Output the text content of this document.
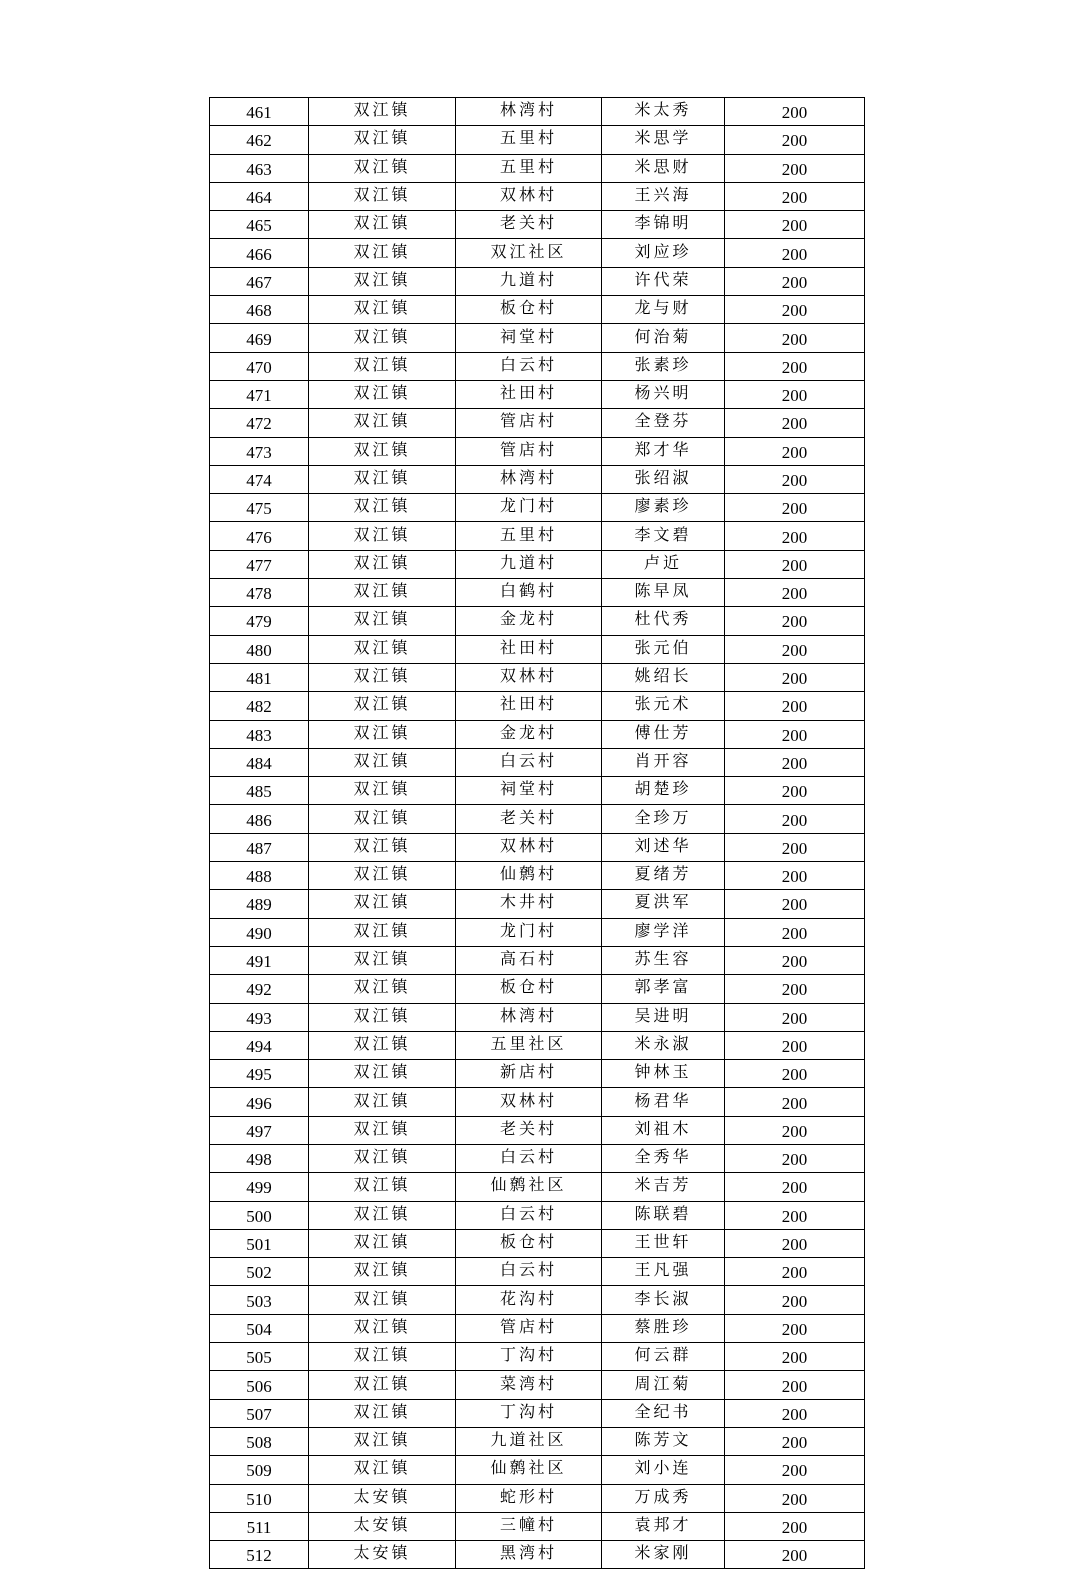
461	双江镇	林湾村	米太秀	200
462	双江镇	五里村	米思学	200
463	双江镇	五里村	米思财	200
464	双江镇	双林村	王兴海	200
465	双江镇	老关村	李锦明	200
466	双江镇	双江社区	刘应珍	200
467	双江镇	九道村	许代荣	200
468	双江镇	板仓村	龙与财	200
469	双江镇	祠堂村	何治菊	200
470	双江镇	白云村	张素珍	200
471	双江镇	社田村	杨兴明	200
472	双江镇	管店村	全登芬	200
473	双江镇	管店村	郑才华	200
474	双江镇	林湾村	张绍淑	200
475	双江镇	龙门村	廖素珍	200
476	双江镇	五里村	李文碧	200
477	双江镇	九道村	卢近	200
478	双江镇	白鹤村	陈早凤	200
479	双江镇	金龙村	杜代秀	200
480	双江镇	社田村	张元伯	200
481	双江镇	双林村	姚绍长	200
482	双江镇	社田村	张元术	200
483	双江镇	金龙村	傅仕芳	200
484	双江镇	白云村	肖开容	200
485	双江镇	祠堂村	胡楚珍	200
486	双江镇	老关村	全珍万	200
487	双江镇	双林村	刘述华	200
488	双江镇	仙鹩村	夏绪芳	200
489	双江镇	木井村	夏洪军	200
490	双江镇	龙门村	廖学洋	200
491	双江镇	高石村	苏生容	200
492	双江镇	板仓村	郭孝富	200
493	双江镇	林湾村	吴进明	200
494	双江镇	五里社区	米永淑	200
495	双江镇	新店村	钟林玉	200
496	双江镇	双林村	杨君华	200
497	双江镇	老关村	刘祖木	200
498	双江镇	白云村	全秀华	200
499	双江镇	仙鹩社区	米吉芳	200
500	双江镇	白云村	陈联碧	200
501	双江镇	板仓村	王世轩	200
502	双江镇	白云村	王凡强	200
503	双江镇	花沟村	李长淑	200
504	双江镇	管店村	蔡胜珍	200
505	双江镇	丁沟村	何云群	200
506	双江镇	菜湾村	周江菊	200
507	双江镇	丁沟村	全纪书	200
508	双江镇	九道社区	陈芳文	200
509	双江镇	仙鹩社区	刘小连	200
510	太安镇	蛇形村	万成秀	200
511	太安镇	三幢村	袁邦才	200
512	太安镇	黑湾村	米家刚	200
